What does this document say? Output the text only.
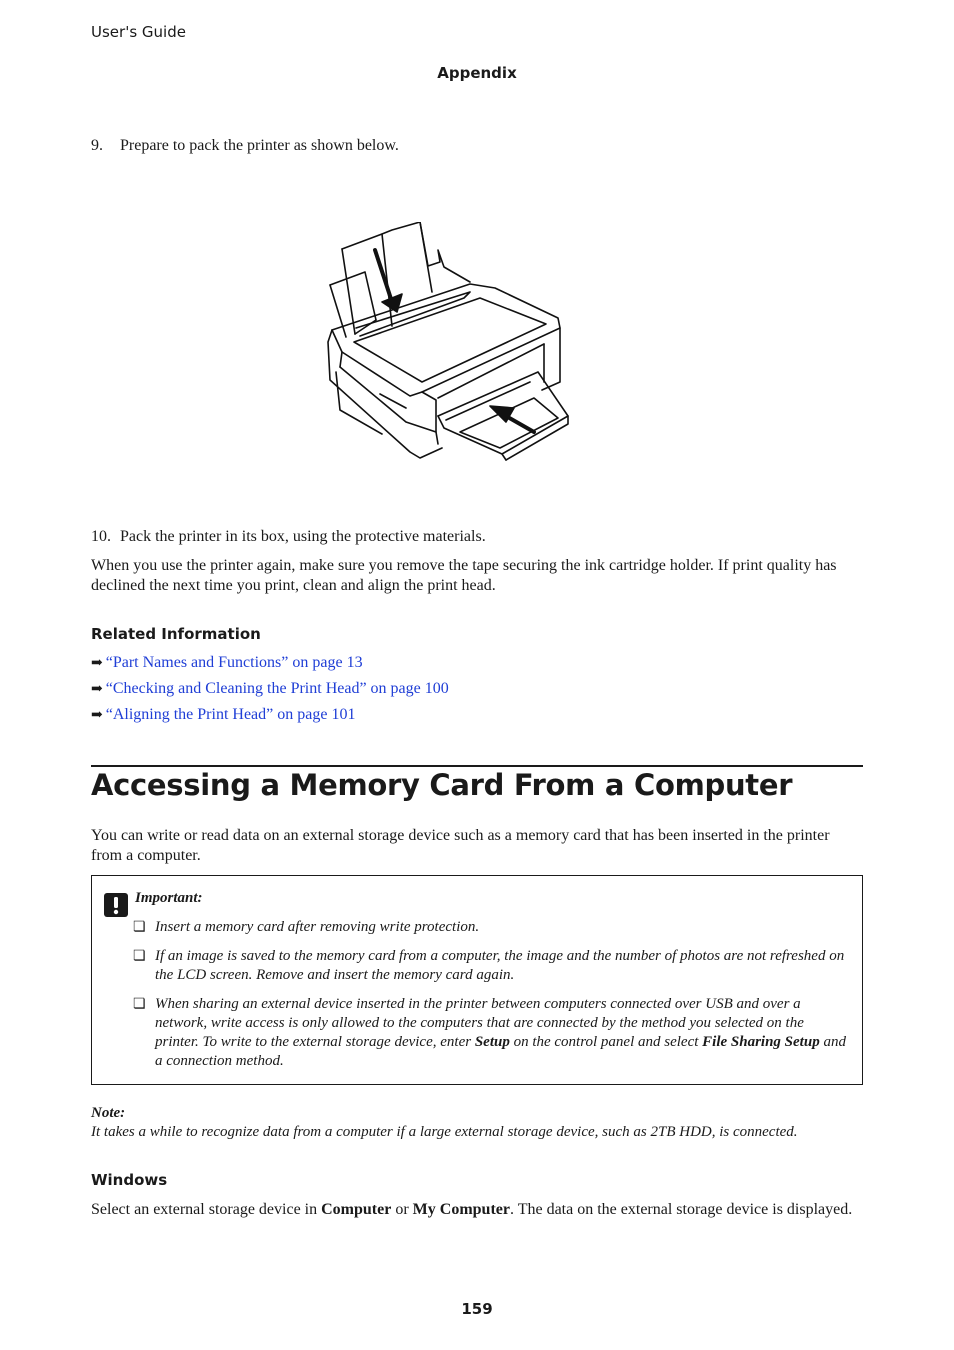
User's Guide
Appendix
9. Prepare to pack the printer as shown below.
10. Pack the printer in its box, using the protective materials.
When you use the printer again, make sure you remove the tape securing the ink cartridge holder. If print quality has declined the next time you print, clean and align the print head.
Related Information
➡ “Part Names and Functions” on page 13
➡ “Checking and Cleaning the Print Head” on page 100
➡ “Aligning the Print Head” on page 101
Accessing a Memory Card From a Computer
You can write or read data on an external storage device such as a memory card that has been inserted in the printer from a computer.
Important:
❏ Insert a memory card after removing write protection.
❏ If an image is saved to the memory card from a computer, the image and the number of photos are not refreshed on the LCD screen. Remove and insert the memory card again.
❏ When sharing an external device inserted in the printer between computers connected over USB and over a network, write access is only allowed to the computers that are connected by the method you selected on the printer. To write to the external storage device, enter Setup on the control panel and select File Sharing Setup and a connection method.
Note:
It takes a while to recognize data from a computer if a large external storage device, such as 2TB HDD, is connected.
Windows
Select an external storage device in Computer or My Computer. The data on the external storage device is displayed.
159
